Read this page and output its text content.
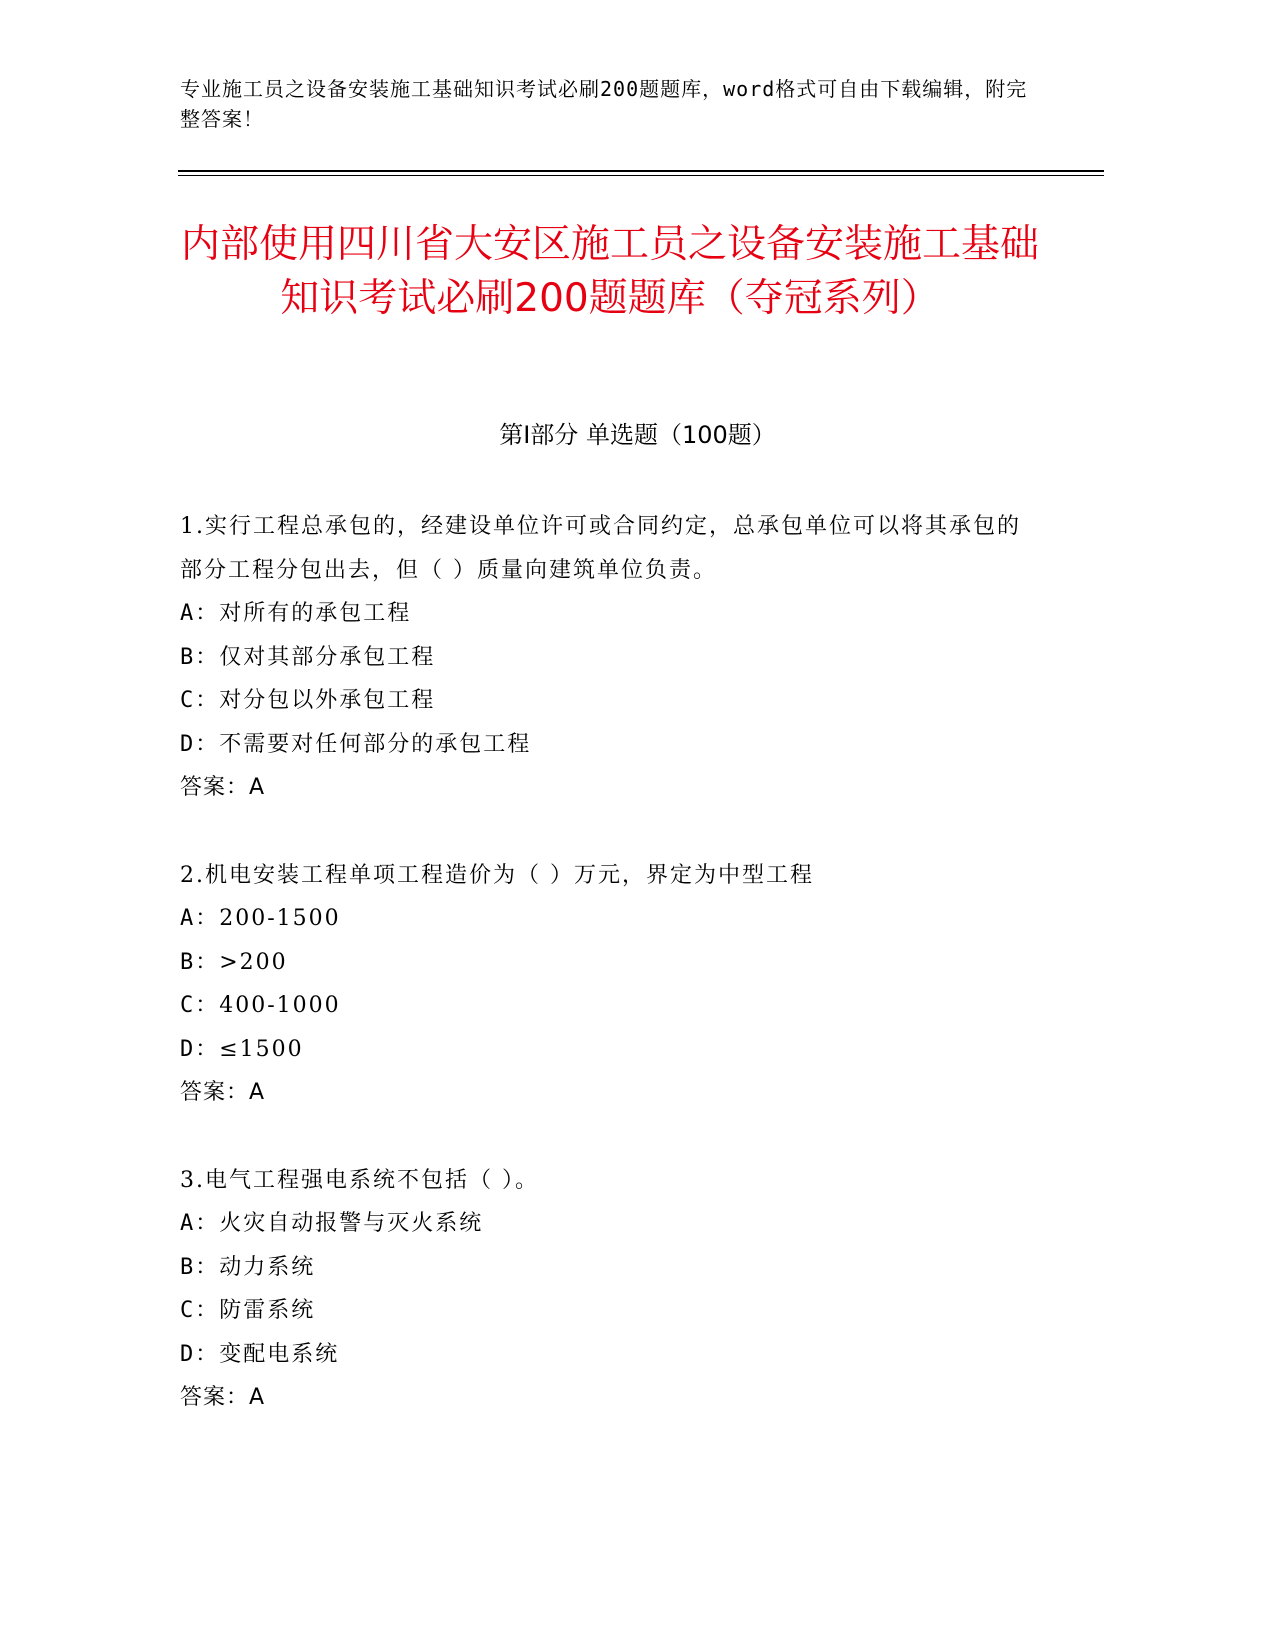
专业施工员之设备安装施工基础知识考试必刷200题题库，word格式可自由下载编辑，附完整答案！
内部使用四川省大安区施工员之设备安装施工基础知识考试必刷200题题库（夺冠系列）
第Ⅰ部分 单选题（100题）

1.实行工程总承包的，经建设单位许可或合同约定，总承包单位可以将其承包的部分工程分包出去，但（ ）质量向建筑单位负责。

A：对所有的承包工程

B：仅对其部分承包工程

C：对分包以外承包工程

D：不需要对任何部分的承包工程

答案：A

2.机电安装工程单项工程造价为（ ）万元，界定为中型工程

A：200-1500

B：>200

C：400-1000

D：≤1500

答案：A

3.电气工程强电系统不包括（ ）。

A：火灾自动报警与灭火系统

B：动力系统

C：防雷系统

D：变配电系统

答案：A
